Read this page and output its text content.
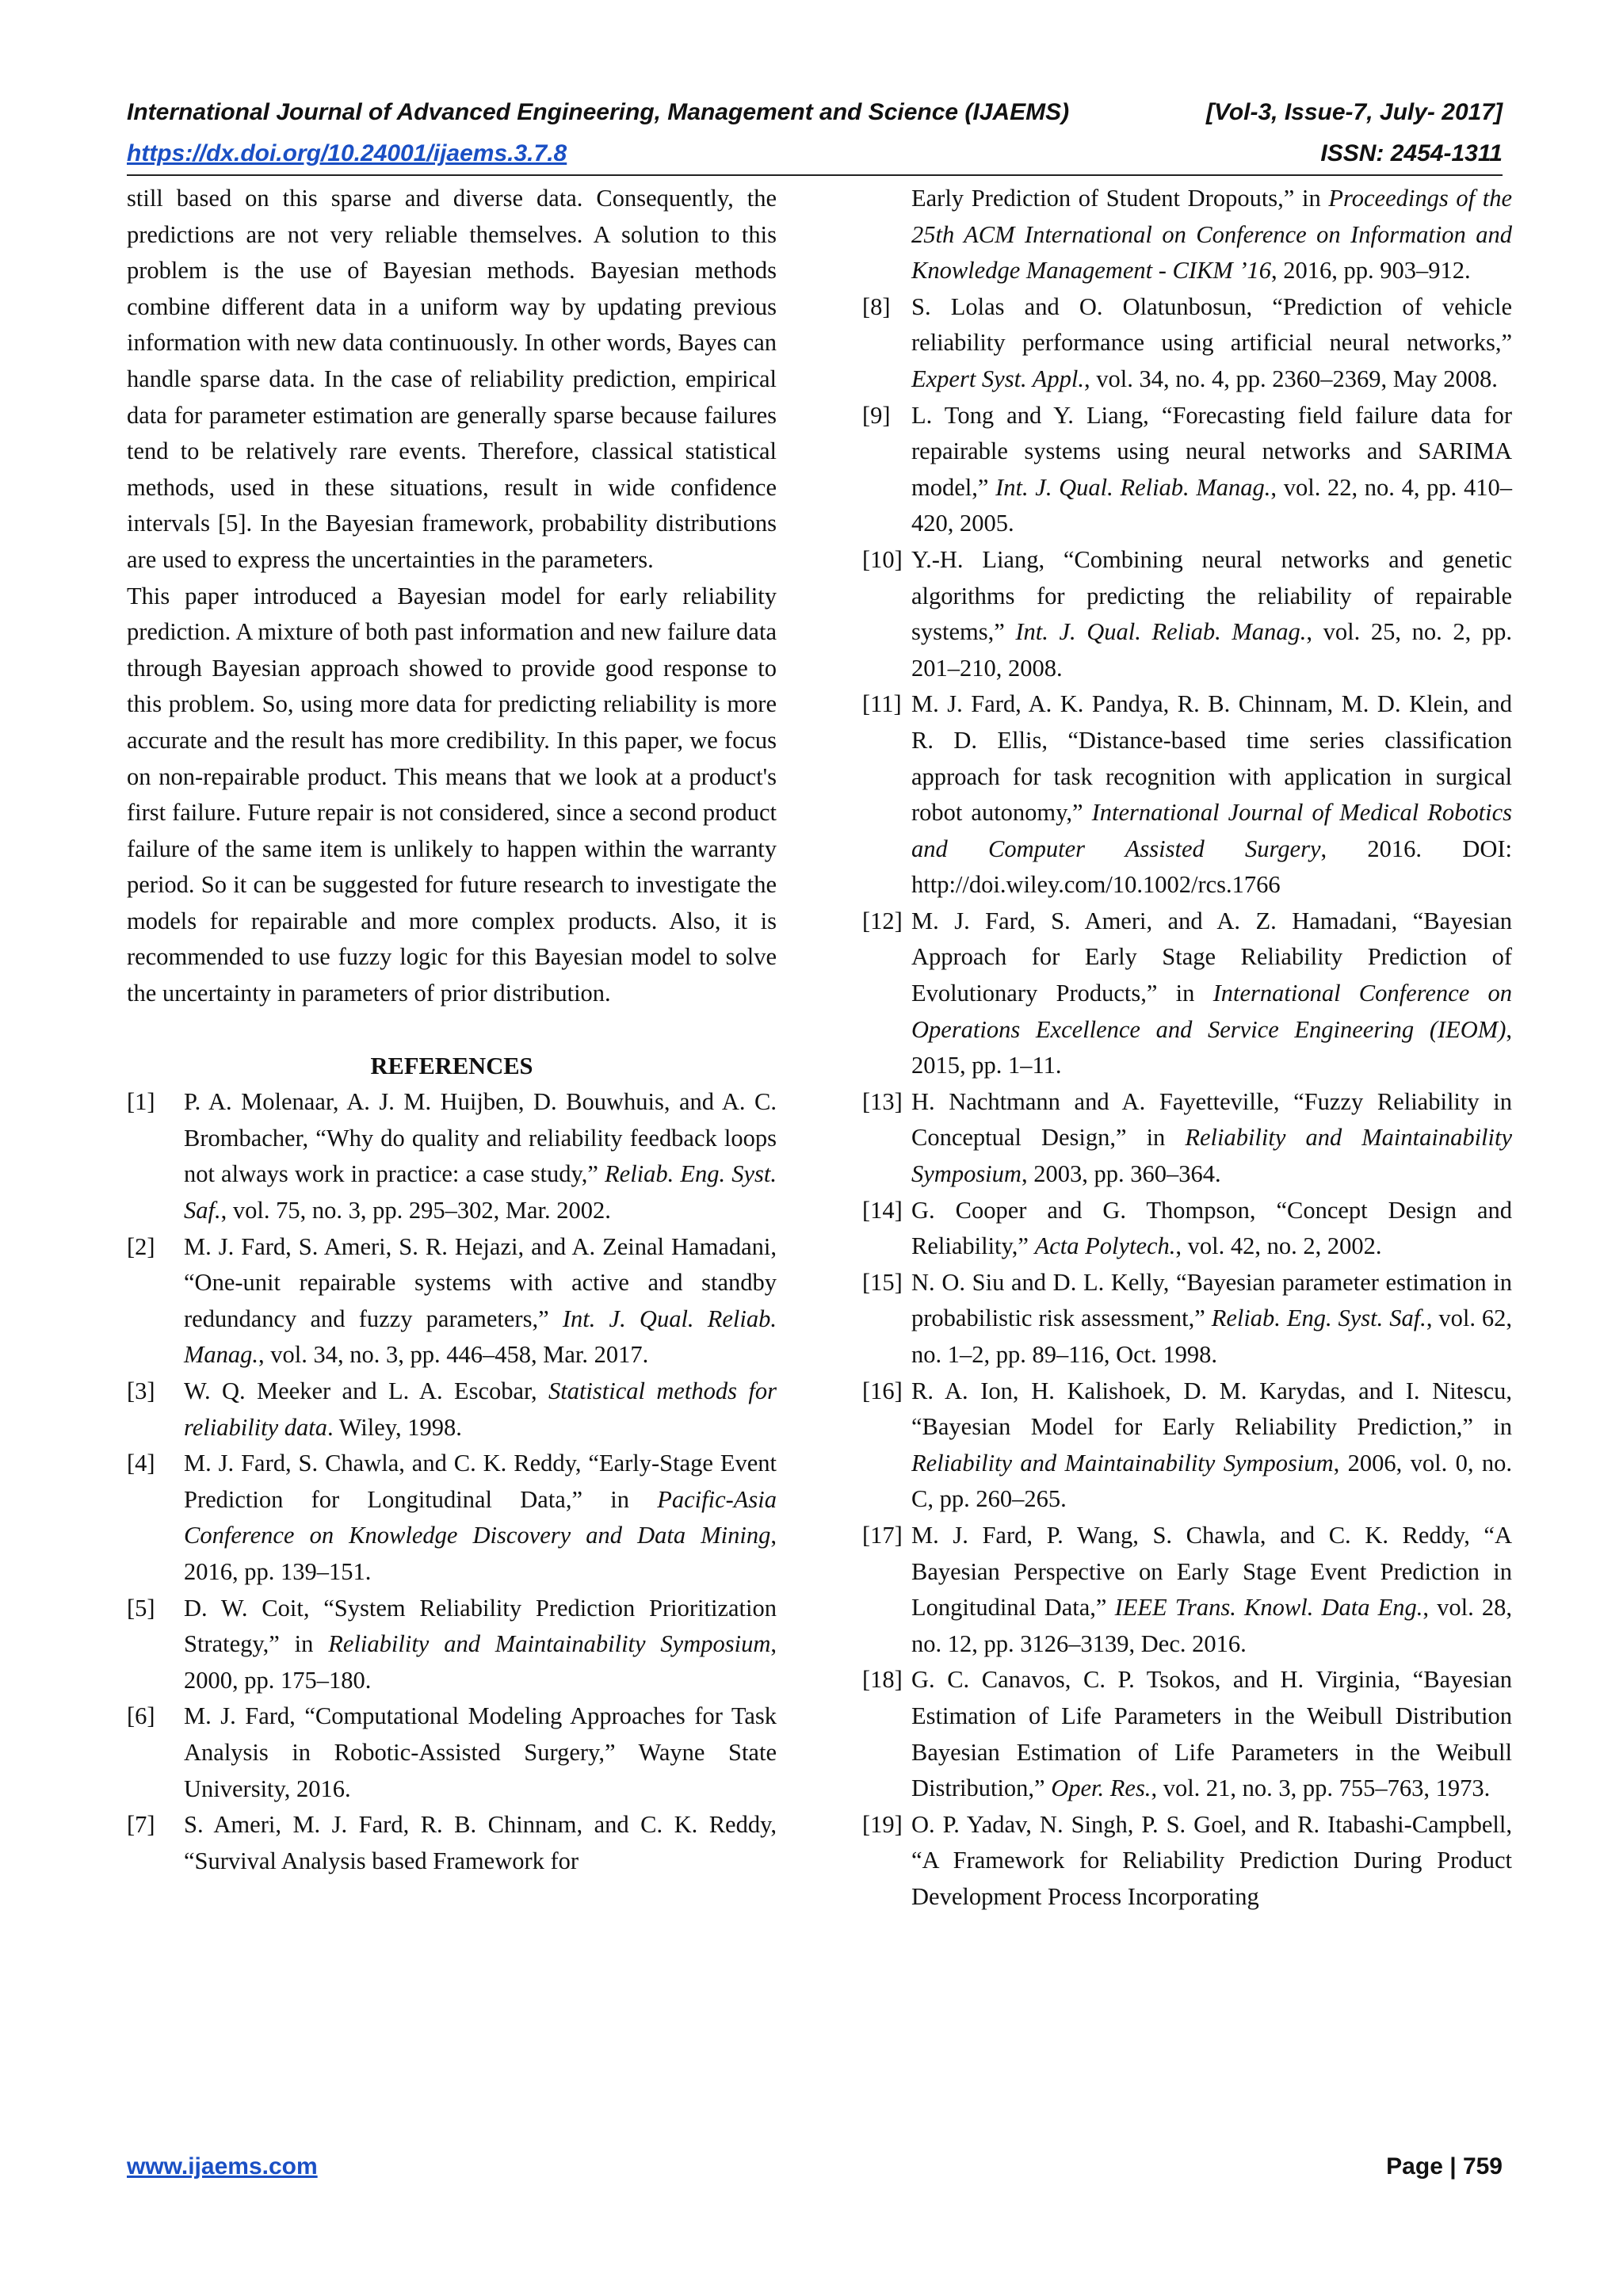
International Journal of Advanced Engineering, Management and Science (IJAEMS)	[Vol-3, Issue-7, July- 2017]
https://dx.doi.org/10.24001/ijaems.3.7.8	ISSN: 2454-1311

still based on this sparse and diverse data. Consequently, the predictions are not very reliable themselves. A solution to this problem is the use of Bayesian methods. Bayesian methods combine different data in a uniform way by updating previous information with new data continuously. In other words, Bayes can handle sparse data. In the case of reliability prediction, empirical data for parameter estimation are generally sparse because failures tend to be relatively rare events. Therefore, classical statistical methods, used in these situations, result in wide confidence intervals [5]. In the Bayesian framework, probability distributions are used to express the uncertainties in the parameters.

This paper introduced a Bayesian model for early reliability prediction. A mixture of both past information and new failure data through Bayesian approach showed to provide good response to this problem. So, using more data for predicting reliability is more accurate and the result has more credibility. In this paper, we focus on non-repairable product. This means that we look at a product's first failure. Future repair is not considered, since a second product failure of the same item is unlikely to happen within the warranty period. So it can be suggested for future research to investigate the models for repairable and more complex products. Also, it is recommended to use fuzzy logic for this Bayesian model to solve the uncertainty in parameters of prior distribution.

REFERENCES
[1]	P. A. Molenaar, A. J. M. Huijben, D. Bouwhuis, and A. C. Brombacher, “Why do quality and reliability feedback loops not always work in practice: a case study,” Reliab. Eng. Syst. Saf., vol. 75, no. 3, pp. 295–302, Mar. 2002.
[2]	M. J. Fard, S. Ameri, S. R. Hejazi, and A. Zeinal Hamadani, “One-unit repairable systems with active and standby redundancy and fuzzy parameters,” Int. J. Qual. Reliab. Manag., vol. 34, no. 3, pp. 446–458, Mar. 2017.
[3]	W. Q. Meeker and L. A. Escobar, Statistical methods for reliability data. Wiley, 1998.
[4]	M. J. Fard, S. Chawla, and C. K. Reddy, “Early-Stage Event Prediction for Longitudinal Data,” in Pacific-Asia Conference on Knowledge Discovery and Data Mining, 2016, pp. 139–151.
[5]	D. W. Coit, “System Reliability Prediction Prioritization Strategy,” in Reliability and Maintainability Symposium, 2000, pp. 175–180.
[6]	M. J. Fard, “Computational Modeling Approaches for Task Analysis in Robotic-Assisted Surgery,” Wayne State University, 2016.
[7]	S. Ameri, M. J. Fard, R. B. Chinnam, and C. K. Reddy, “Survival Analysis based Framework for
Early Prediction of Student Dropouts,” in Proceedings of the 25th ACM International on Conference on Information and Knowledge Management - CIKM ’16, 2016, pp. 903–912.
[8] S. Lolas and O. Olatunbosun, “Prediction of vehicle reliability performance using artificial neural networks,” Expert Syst. Appl., vol. 34, no. 4, pp. 2360–2369, May 2008.
[9] L. Tong and Y. Liang, “Forecasting field failure data for repairable systems using neural networks and SARIMA model,” Int. J. Qual. Reliab. Manag., vol. 22, no. 4, pp. 410–420, 2005.
[10] Y.-H. Liang, “Combining neural networks and genetic algorithms for predicting the reliability of repairable systems,” Int. J. Qual. Reliab. Manag., vol. 25, no. 2, pp. 201–210, 2008.
[11] M. J. Fard, A. K. Pandya, R. B. Chinnam, M. D. Klein, and R. D. Ellis, “Distance-based time series classification approach for task recognition with application in surgical robot autonomy,” International Journal of Medical Robotics and Computer Assisted Surgery, 2016. DOI: http://doi.wiley.com/10.1002/rcs.1766
[12] M. J. Fard, S. Ameri, and A. Z. Hamadani, “Bayesian Approach for Early Stage Reliability Prediction of Evolutionary Products,” in International Conference on Operations Excellence and Service Engineering (IEOM), 2015, pp. 1–11.
[13] H. Nachtmann and A. Fayetteville, “Fuzzy Reliability in Conceptual Design,” in Reliability and Maintainability Symposium, 2003, pp. 360–364.
[14] G. Cooper and G. Thompson, “Concept Design and Reliability,” Acta Polytech., vol. 42, no. 2, 2002.
[15] N. O. Siu and D. L. Kelly, “Bayesian parameter estimation in probabilistic risk assessment,” Reliab. Eng. Syst. Saf., vol. 62, no. 1–2, pp. 89–116, Oct. 1998.
[16] R. A. Ion, H. Kalishoek, D. M. Karydas, and I. Nitescu, “Bayesian Model for Early Reliability Prediction,” in Reliability and Maintainability Symposium, 2006, vol. 0, no. C, pp. 260–265.
[17] M. J. Fard, P. Wang, S. Chawla, and C. K. Reddy, “A Bayesian Perspective on Early Stage Event Prediction in Longitudinal Data,” IEEE Trans. Knowl. Data Eng., vol. 28, no. 12, pp. 3126–3139, Dec. 2016.
[18] G. C. Canavos, C. P. Tsokos, and H. Virginia, “Bayesian Estimation of Life Parameters in the Weibull Distribution Bayesian Estimation of Life Parameters in the Weibull Distribution,” Oper. Res., vol. 21, no. 3, pp. 755–763, 1973.
[19] O. P. Yadav, N. Singh, P. S. Goel, and R. Itabashi-Campbell, “A Framework for Reliability Prediction During Product Development Process Incorporating
www.ijaems.com	Page | 759
